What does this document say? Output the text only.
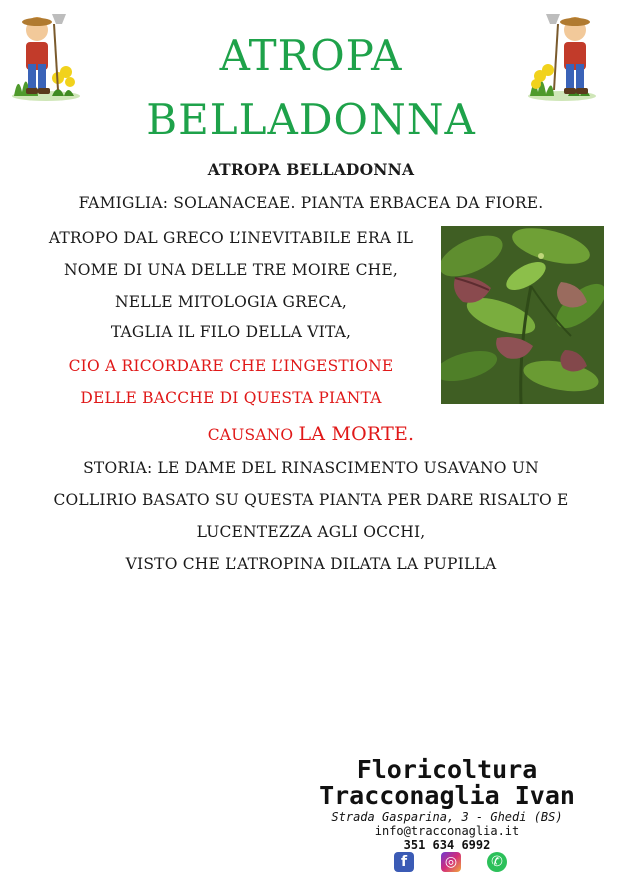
ATROPA
BELLADONNA
ATROPA BELLADONNA
FAMIGLIA: SOLANACEAE. PIANTA ERBACEA DA FIORE.
ATROPO DAL GRECO L’INEVITABILE ERA IL
NOME DI UNA DELLE TRE MOIRE CHE,
NELLE MITOLOGIA GRECA,
TAGLIA IL FILO DELLA VITA,
CIO A RICORDARE CHE L’INGESTIONE
DELLE BACCHE DI QUESTA PIANTA
CAUSANO LA MORTE.
STORIA: LE DAME DEL RINASCIMENTO USAVANO UN
COLLIRIO BASATO SU QUESTA PIANTA PER DARE RISALTO E
LUCENTEZZA AGLI OCCHI,
VISTO CHE L’ATROPINA DILATA LA PUPILLA
Floricoltura
Tracconaglia Ivan
Strada Gasparina, 3 - Ghedi (BS)
info@tracconaglia.it
351 634 6992
f	◎ ✆
